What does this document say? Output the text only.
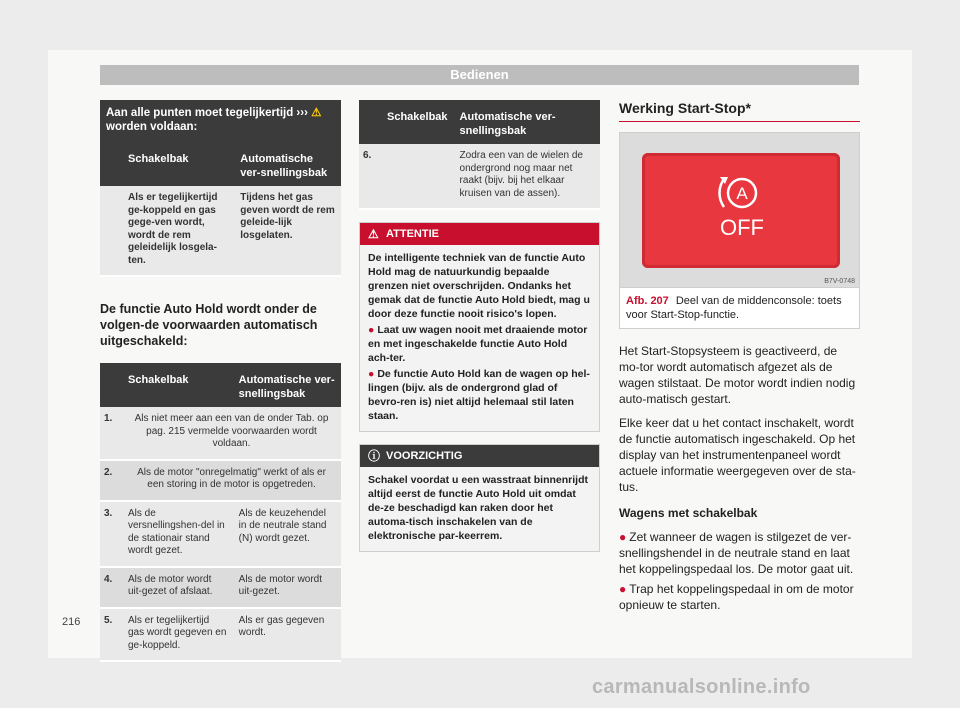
Bedienen
Aan alle punten moet tegelijkertijd ››› ⚠ worden voldaan:
	Schakelbak	Automatische ver-snellingsbak
	Als er tegelijkertijd ge-koppeld en gas gege-ven wordt, wordt de rem geleidelijk losgela-ten.	Tijdens het gas geven wordt de rem geleide-lijk losgelaten.
De functie Auto Hold wordt onder de volgen-de voorwaarden automatisch uitgeschakeld:
	Schakelbak	Automatische ver-snellingsbak
1.	Als niet meer aan een van de onder Tab. op pag. 215 vermelde voorwaarden wordt voldaan.	
2.	Als de motor "onregelmatig" werkt of als er een storing in de motor is opgetreden.	
3.	Als de versnellingshen-del in de stationair stand wordt gezet.	Als de keuzehendel in de neutrale stand (N) wordt gezet.
4.	Als de motor wordt uit-gezet of afslaat.	Als de motor wordt uit-gezet.
5.	Als er tegelijkertijd gas wordt gegeven en ge-koppeld.	Als er gas gegeven wordt.
	Schakelbak	Automatische ver-snellingsbak
6.		Zodra een van de wielen de ondergrond nog maar net raakt (bijv. bij het elkaar kruisen van de assen).
⚠ ATTENTIE
De intelligente techniek van de functie Auto Hold mag de natuurkundig bepaalde grenzen niet overschrijden. Ondanks het gemak dat de functie Auto Hold biedt, mag u door deze functie nooit risico's lopen.
● Laat uw wagen nooit met draaiende motor en met ingeschakelde functie Auto Hold ach-ter.
● De functie Auto Hold kan de wagen op hel-lingen (bijv. als de ondergrond glad of bevro-ren is) niet altijd helemaal stil laten staan.
ⓘ VOORZICHTIG
Schakel voordat u een wasstraat binnenrijdt altijd eerst de functie Auto Hold uit omdat de-ze beschadigd kan raken door het automa-tisch inschakelen van de elektronische par-keerrem.
Werking Start-Stop*
A
OFF
B7V-0748
Afb. 207 Deel van de middenconsole: toets voor Start-Stop-functie.

Het Start-Stopsysteem is geactiveerd, de mo-tor wordt automatisch afgezet als de wagen stilstaat. De motor wordt indien nodig auto-matisch gestart.

Elke keer dat u het contact inschakelt, wordt de functie automatisch ingeschakeld. Op het display van het instrumentenpaneel wordt actuele informatie weergegeven over de sta-tus.

Wagens met schakelbak

● Zet wanneer de wagen is stilgezet de ver-snellingshendel in de neutrale stand en laat het koppelingspedaal los. De motor gaat uit.

● Trap het koppelingspedaal in om de motor opnieuw te starten.

216
carmanualsonline.info
